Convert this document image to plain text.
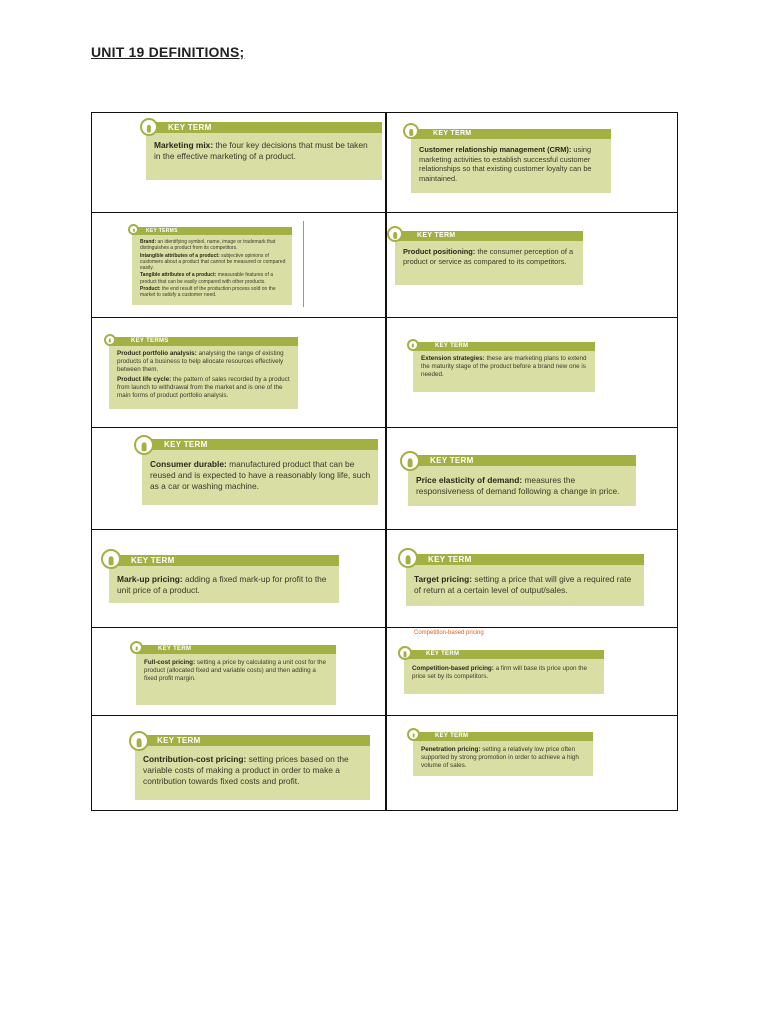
UNIT 19 DEFINITIONS;
KEY TERM

Marketing mix: the four key decisions that must be taken in the effective marketing of a product.

KEY TERM

Customer relationship management (CRM): using marketing activities to establish successful customer relationships so that existing customer loyalty can be maintained.

KEY TERMS

Brand: an identifying symbol, name, image or trademark that distinguishes a product from its competitors.

Intangible attributes of a product: subjective opinions of customers about a product that cannot be measured or compared easily.

Tangible attributes of a product: measurable features of a product that can be easily compared with other products.

Product: the end result of the production process sold on the market to satisfy a customer need.

KEY TERM

Product positioning: the consumer perception of a product or service as compared to its competitors.

KEY TERMS

Product portfolio analysis: analysing the range of existing products of a business to help allocate resources effectively between them.

Product life cycle: the pattern of sales recorded by a product from launch to withdrawal from the market and is one of the main forms of product portfolio analysis.

KEY TERM

Extension strategies: these are marketing plans to extend the maturity stage of the product before a brand new one is needed.

KEY TERM

Consumer durable: manufactured product that can be reused and is expected to have a reasonably long life, such as a car or washing machine.

KEY TERM

Price elasticity of demand: measures the responsiveness of demand following a change in price.

KEY TERM

Mark-up pricing: adding a fixed mark-up for profit to the unit price of a product.

KEY TERM

Target pricing: setting a price that will give a required rate of return at a certain level of output/sales.

KEY TERM

Full-cost pricing: setting a price by calculating a unit cost for the product (allocated fixed and variable costs) and then adding a fixed profit margin.

Competition-based pricing
KEY TERM

Competition-based pricing: a firm will base its price upon the price set by its competitors.

KEY TERM

Contribution-cost pricing: setting prices based on the variable costs of making a product in order to make a contribution towards fixed costs and profit.

KEY TERM

Penetration pricing: setting a relatively low price often supported by strong promotion in order to achieve a high volume of sales.
